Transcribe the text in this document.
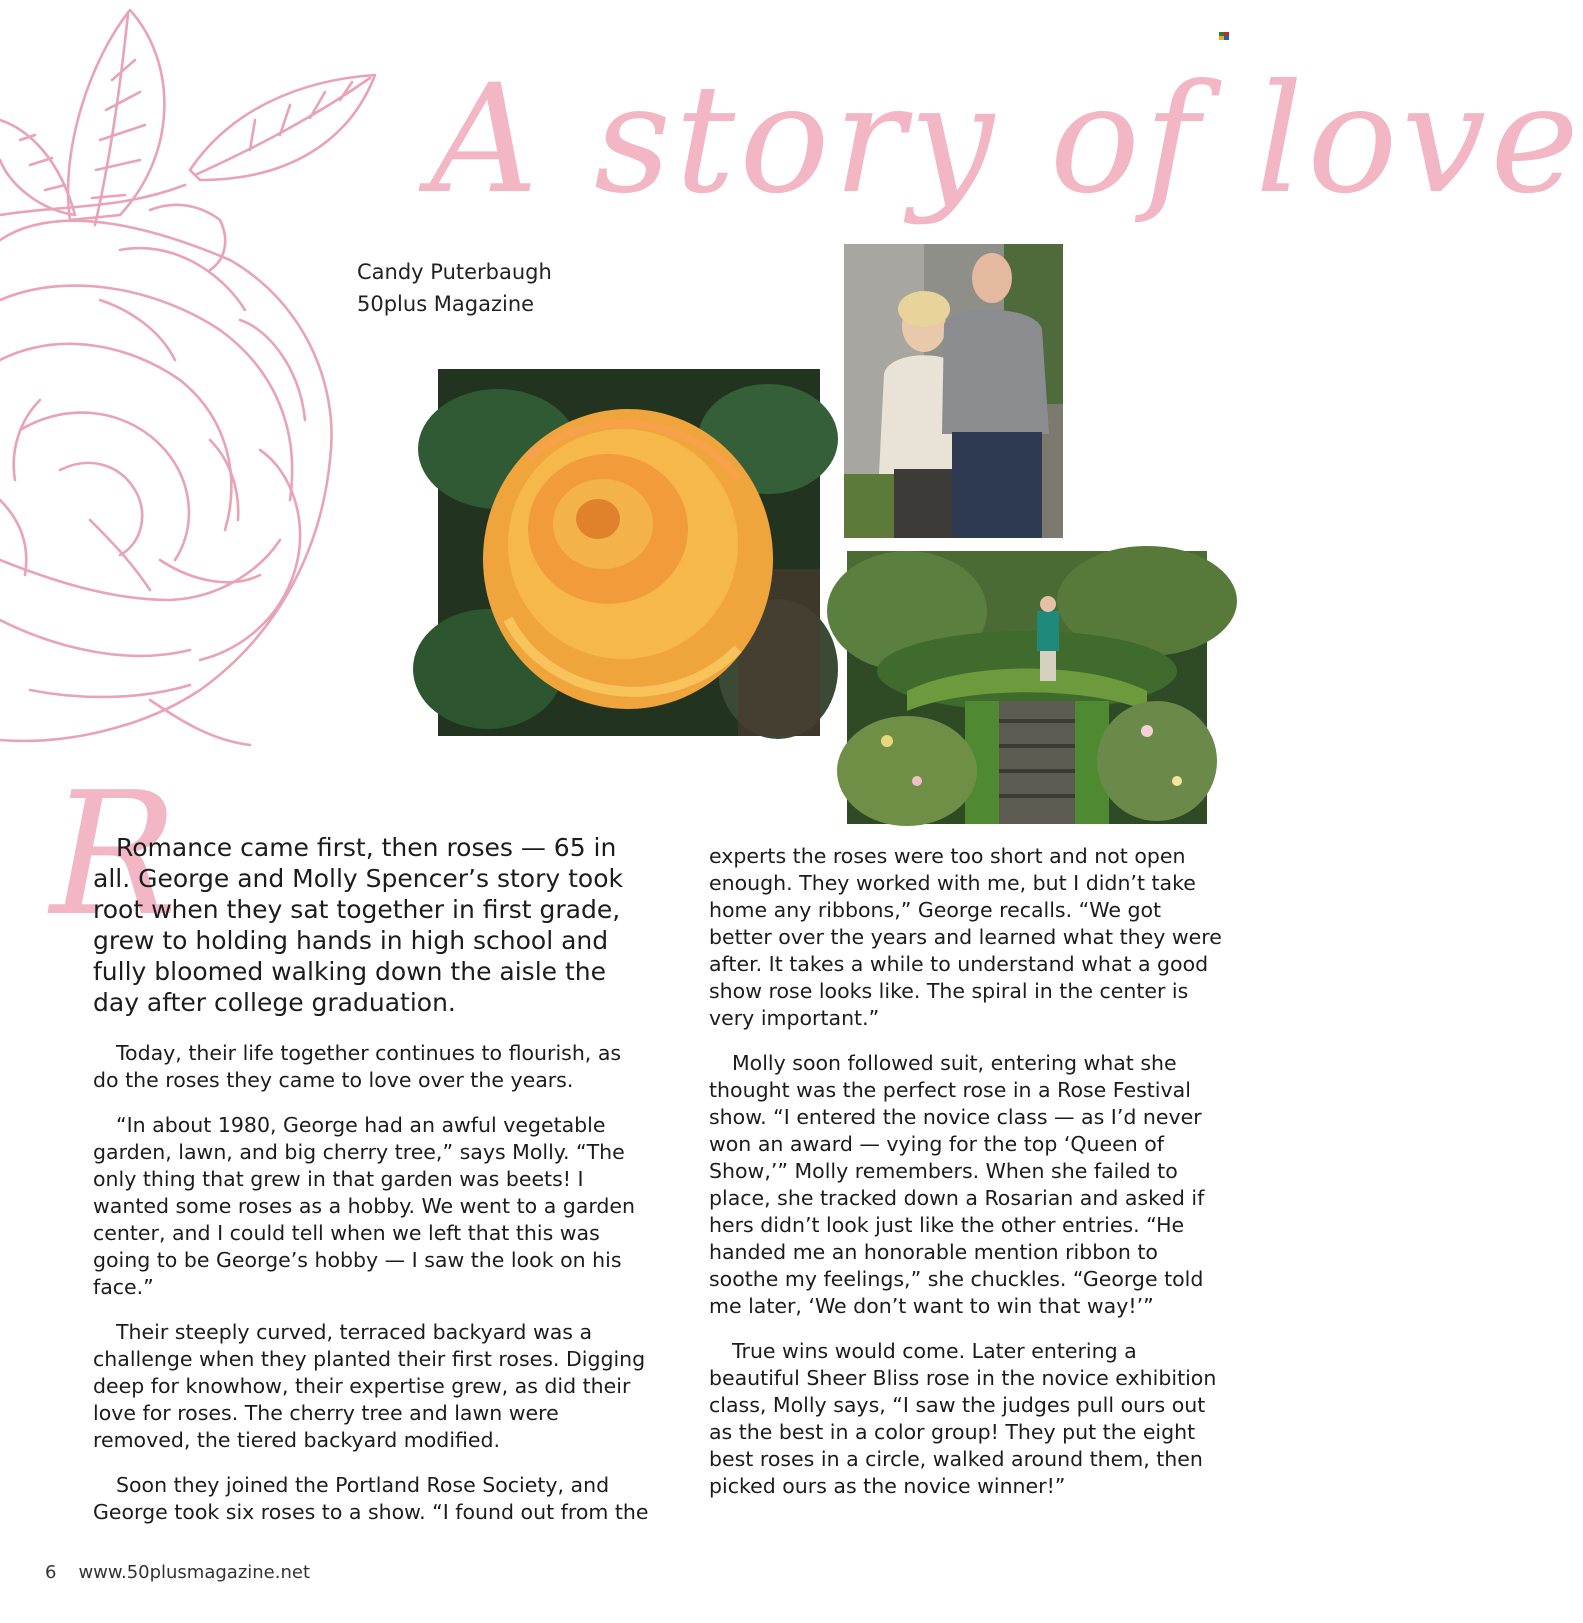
A story of love
Candy Puterbaugh
50plus Magazine
R

Romance came first, then roses — 65 in all. George and Molly Spencer’s story took root when they sat together in first grade, grew to holding hands in high school and fully bloomed walking down the aisle the day after college graduation.

Today, their life together continues to flourish, as do the roses they came to love over the years.

“In about 1980, George had an awful vegetable garden, lawn, and big cherry tree,” says Molly. “The only thing that grew in that garden was beets! I wanted some roses as a hobby. We went to a garden center, and I could tell when we left that this was going to be George’s hobby — I saw the look on his face.”

Their steeply curved, terraced backyard was a challenge when they planted their first roses. Digging deep for knowhow, their expertise grew, as did their love for roses. The cherry tree and lawn were removed, the tiered backyard modified.

Soon they joined the Portland Rose Society, and George took six roses to a show. “I found out from the

experts the roses were too short and not open enough. They worked with me, but I didn’t take home any ribbons,” George recalls. “We got better over the years and learned what they were after. It takes a while to understand what a good show rose looks like. The spiral in the center is very important.”

Molly soon followed suit, entering what she thought was the perfect rose in a Rose Festival show. “I entered the novice class — as I’d never won an award — vying for the top ‘Queen of Show,’” Molly remembers. When she failed to place, she tracked down a Rosarian and asked if hers didn’t look just like the other entries. “He handed me an honorable mention ribbon to soothe my feelings,” she chuckles. “George told me later, ‘We don’t want to win that way!’”

True wins would come. Later entering a beautiful Sheer Bliss rose in the novice exhibition class, Molly says, “I saw the judges pull ours out as the best in a color group! They put the eight best roses in a circle, walked around them, then picked ours as the novice winner!”

6 www.50plusmagazine.net
